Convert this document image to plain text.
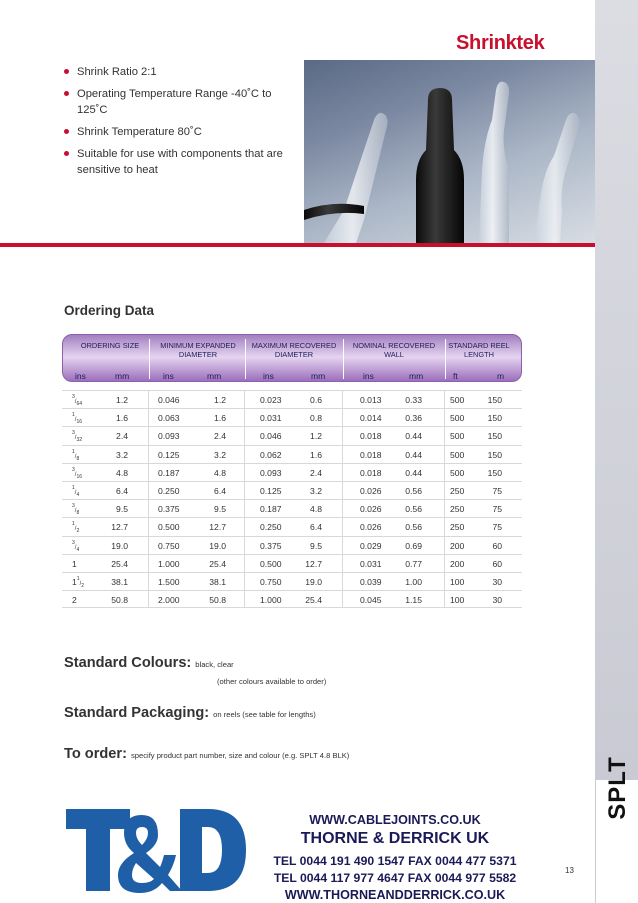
Shrinktek
SPLT
Shrink Ratio 2:1
Operating Temperature Range -40˚C to 125˚C
Shrink Temperature 80˚C
Suitable for use with components that are sensitive to heat
Ordering Data
ORDERING SIZE	MINIMUM EXPANDED DIAMETER
MAXIMUM RECOVERED DIAMETER
NOMINAL RECOVERED WALL
STANDARD REEL LENGTH
ins	mm	ins	mm	ins	mm	ins	mm	ft	m
$^3/_{64}$	1.2	0.046	1.2	0.023	0.6	0.013	0.33	500	150
$^1/_{16}$	1.6	0.063	1.6	0.031	0.8	0.014	0.36	500	150
$^3/_{32}$	2.4	0.093	2.4	0.046	1.2	0.018	0.44	500	150
$^1/_8$	3.2	0.125	3.2	0.062	1.6	0.018	0.44	500	150
$^3/_{16}$	4.8	0.187	4.8	0.093	2.4	0.018	0.44	500	150
$^1/_4$	6.4	0.250	6.4	0.125	3.2	0.026	0.56	250	75
$^3/_8$	9.5	0.375	9.5	0.187	4.8	0.026	0.56	250	75
$^1/_2$	12.7	0.500	12.7	0.250	6.4	0.026	0.56	250	75
$^3/_4$	19.0	0.750	19.0	0.375	9.5	0.029	0.69	200	60
1	25.4	1.000	25.4	0.500	12.7	0.031	0.77	200	60
$1^1/_2$	38.1	1.500	38.1	0.750	19.0	0.039	1.00	100	30
2	50.8	2.000	50.8	1.000	25.4	0.045	1.15	100	30
Standard Colours: black, clear
(other colours available to order)
Standard Packaging: on reels (see table for lengths)
To order: specify product part number, size and colour (e.g. SPLT 4.8 BLK)
WWW.CABLEJOINTS.CO.UK
THORNE & DERRICK UK
TEL 0044 191 490 1547 FAX 0044 477 5371
TEL 0044 117 977 4647 FAX 0044 977 5582
WWW.THORNEANDDERRICK.CO.UK
13
